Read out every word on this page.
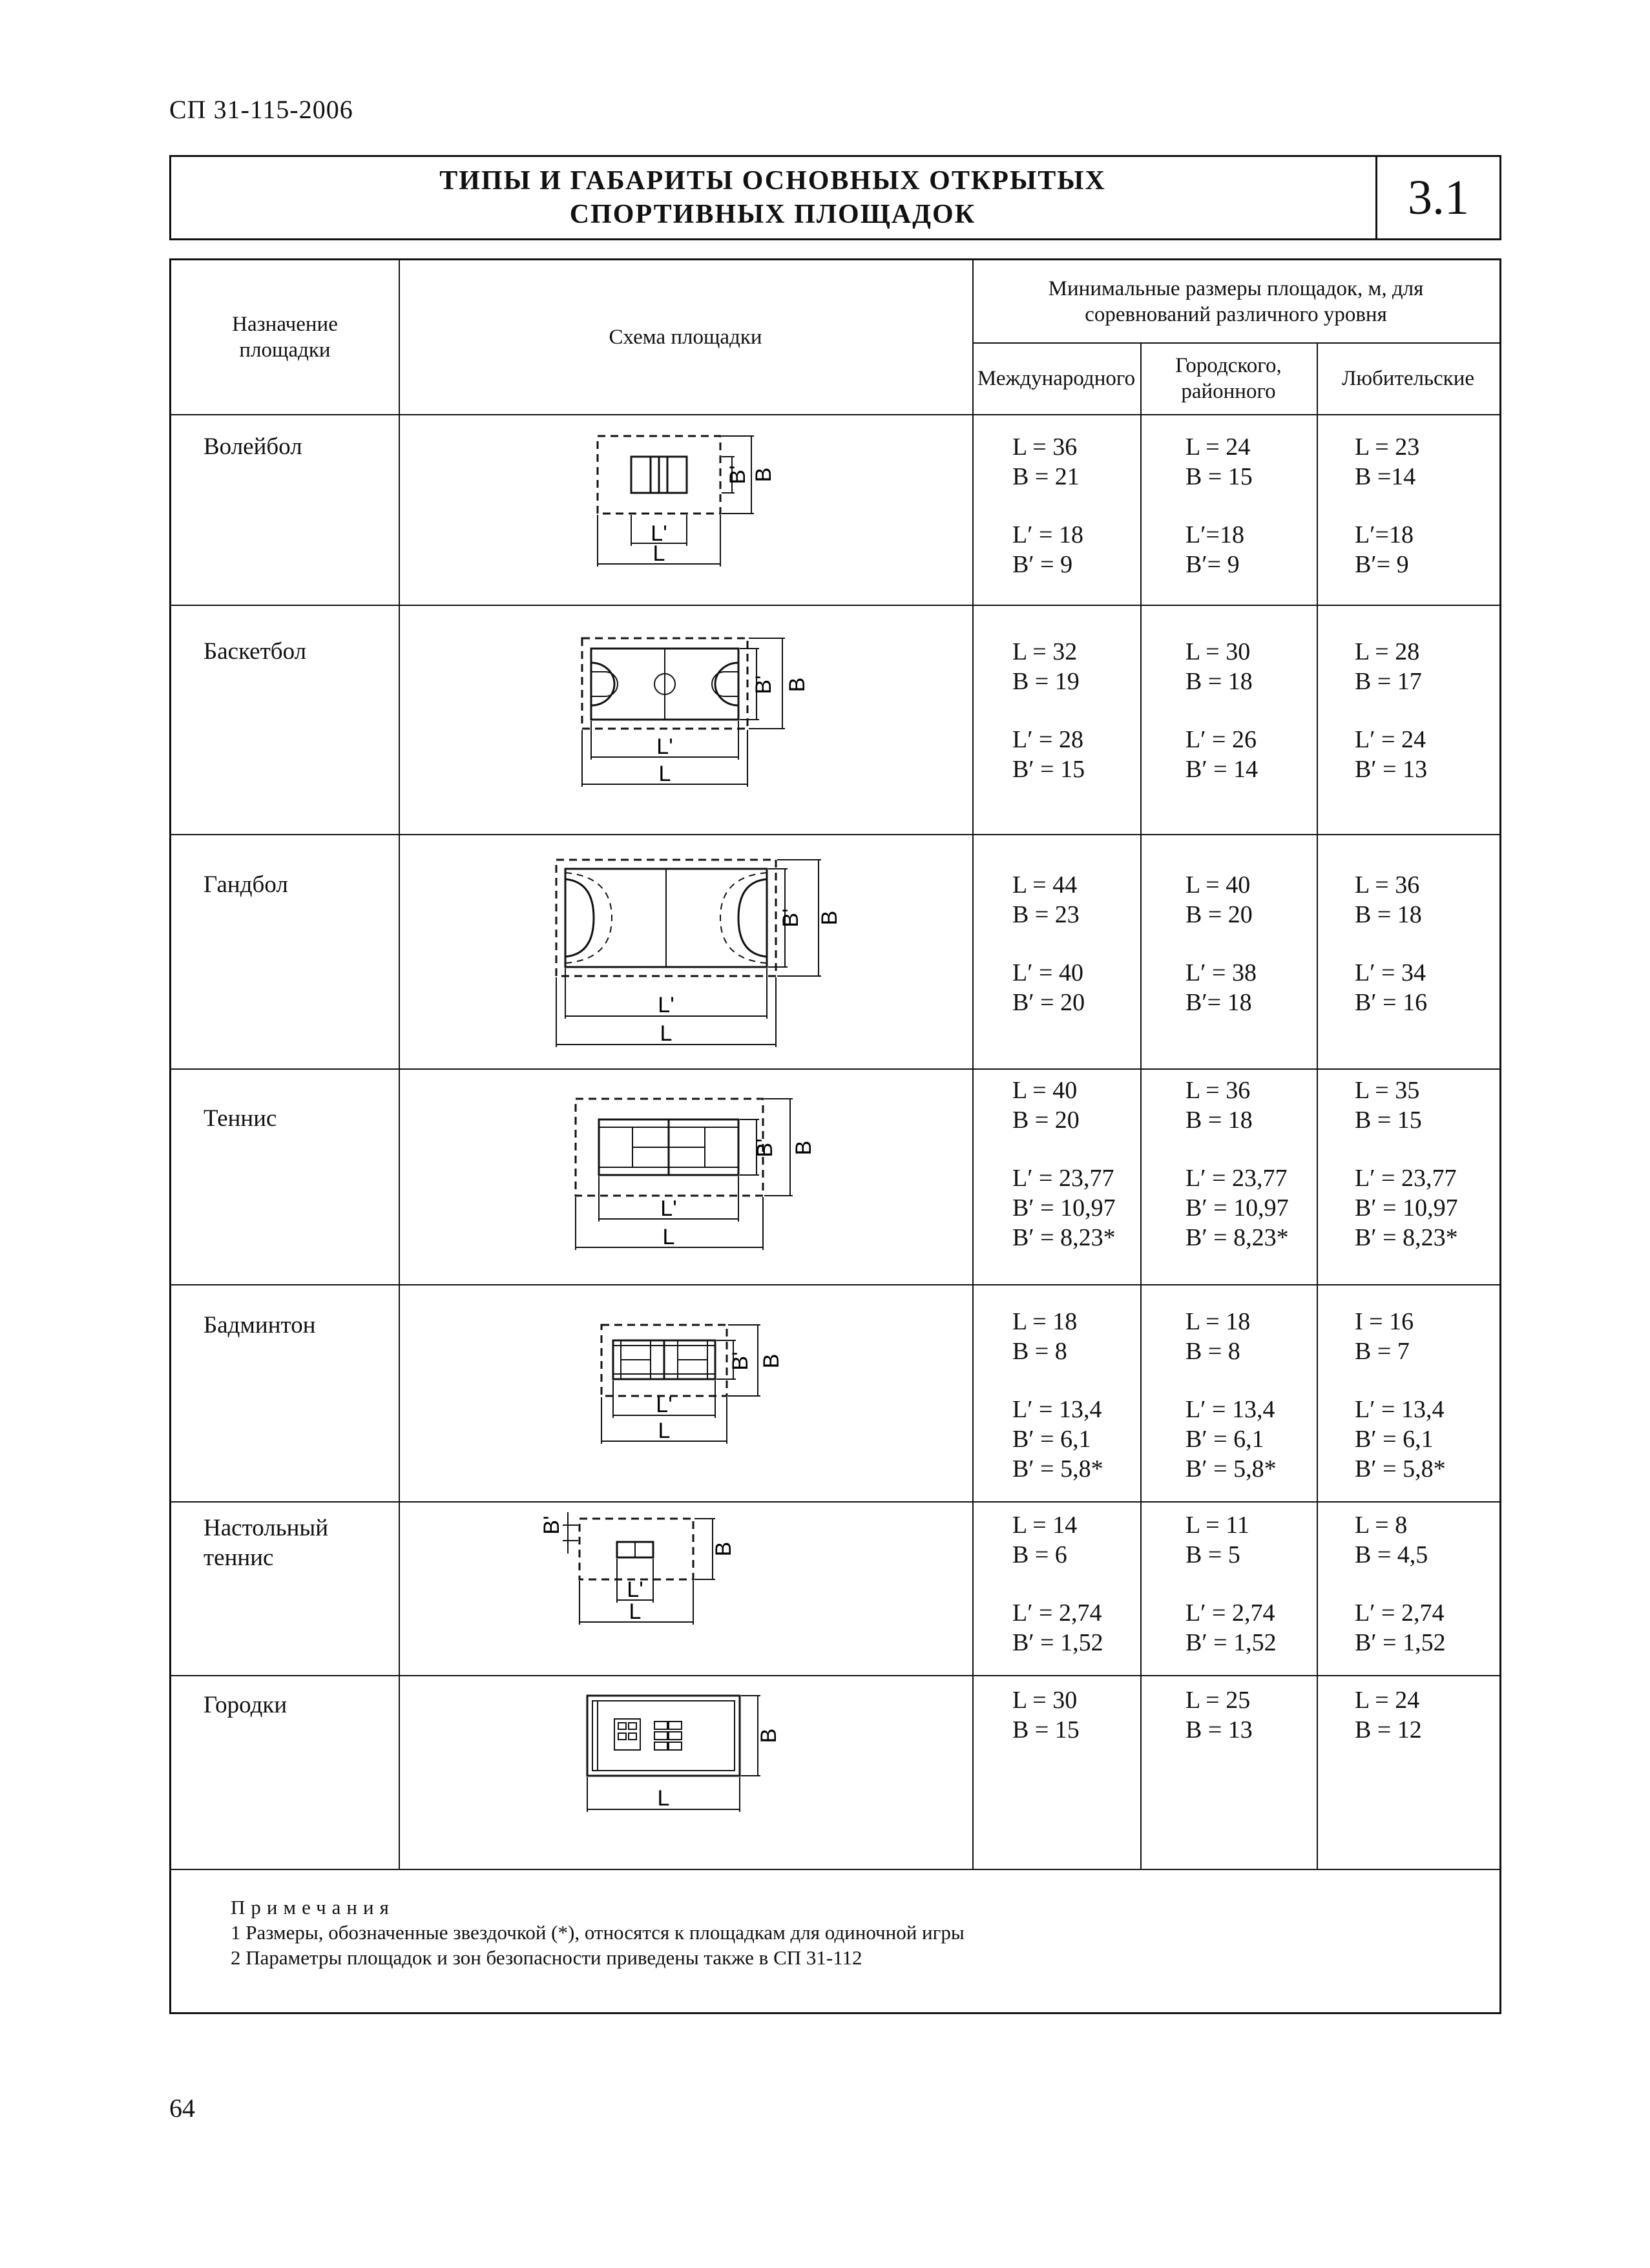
СП 31-115-2006
ТИПЫ И ГАБАРИТЫ ОСНОВНЫХ ОТКРЫТЫХ
СПОРТИВНЫХ ПЛОЩАДОК	3.1
Назначение площадки
Схема площадки
Минимальные размеры площадок, м, для соревнований различного уровня
Международного
Городского, районного
Любительские
Волейбол
Баскетбол
Гандбол
Теннис
Бадминтон
Настольный теннис
Городки
B' B
L'
L
B' B
L'
L
B' B
L'
L
B' B
L'
L
B' B
L'
L
B'
B
L'
L
B
L
L = 36
B = 21
L′ = 18
B′ = 9
L = 24
B = 15
L′=18
B′= 9
L = 23
B =14
L′=18
B′= 9
L = 32
B = 19
L′ = 28
B′ = 15
L = 30
B = 18
L′ = 26
B′ = 14
L = 28
B = 17
L′ = 24
B′ = 13
L = 44
B = 23
L′ = 40
B′ = 20
L = 40
B = 20
L′ = 38
B′= 18
L = 36
B = 18
L′ = 34
B′ = 16
L = 40
B = 20
L′ = 23,77
B′ = 10,97
B′ = 8,23*
L = 36
B = 18
L′ = 23,77
B′ = 10,97
B′ = 8,23*
L = 35
B = 15
L′ = 23,77
B′ = 10,97
B′ = 8,23*
L = 18
B = 8
L′ = 13,4
B′ = 6,1
B′ = 5,8*
L = 18
B = 8
L′ = 13,4
B′ = 6,1
B′ = 5,8*
I = 16
B = 7
L′ = 13,4
B′ = 6,1
B′ = 5,8*
L = 14
B = 6
L′ = 2,74
B′ = 1,52
L = 11
B = 5
L′ = 2,74
B′ = 1,52
L = 8
B = 4,5
L′ = 2,74
B′ = 1,52
L = 30
B = 15
L = 25
B = 13
L = 24
B = 12
Примечания
1 Размеры, обозначенные звездочкой (*), относятся к площадкам для одиночной игры
2 Параметры площадок и зон безопасности приведены также в СП 31-112
64
